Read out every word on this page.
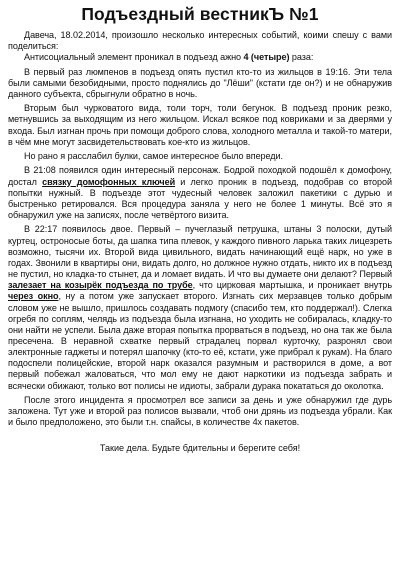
Подъездный вестникЪ №1

Давеча, 18.02.2014, произошло несколько интересных событий, коими спешу с вами поделиться:

Антисоциальный элемент проникал в подъезд ажно 4 (четыре) раза:

В первый раз люмпенов в подъезд опять пустил кто-то из жильцов в 19:16. Эти тела были самыми безобидными, просто поднялись до "Лёши" (кстати где он?) и не обнаружив данного субъекта, сбрыгнули обратно в ночь.

Вторым был чурковатого вида, толи торч, толи бегунок. В подъезд проник резко, метнувшись за выходящим из него жильцом. Искал всякое под ковриками и за дверями у входа. Был изгнан прочь при помощи доброго слова, холодного металла и такой-то матери, в чём мне могут засвидетельствовать кое-кто из жильцов.

Но рано я расслабил булки, самое интересное было впереди.

В 21:08 появился один интересный персонаж. Бодрой походкой подошёл к домофону, достал связку домофонных ключей и легко проник в подъезд, подобрав со второй попытки нужный. В подъезде этот чудесный человек заложил пакетики с дурью и быстренько ретировался. Вся процедура заняла у него не более 1 минуты. Всё это я обнаружил уже на записях, после четвёртого визита.

В 22:17 появилось двое. Первый – пучеглазый петрушка, штаны 3 полоски, дутый куртец, остроносые боты, да шапка типа плевок, у каждого пивного ларька таких лицезреть возможно, тысячи их. Второй вида цивильного, видать начинающий ещё нарк, но уже в годах. Звонили в квартиры они, видать долго, но должное нужно отдать, никто их в подъезд не пустил, но кладка-то стынет, да и ломает видать. И что вы думаете они делают? Первый залезает на козырёк подъезда по трубе, что цирковая мартышка, и проникает внутрь через окно, ну а потом уже запускает второго. Изгнать сих мерзавцев только добрым словом уже не вышло, пришлось создавать подмогу (спасибо тем, кто поддержал!). Слегка огребя по соплям, челядь из подъезда была изгнана, но уходить не собиралась, кладку-то они найти не успели. Была даже вторая попытка прорваться в подъезд, но она так же была пресечена. В неравной схватке первый страдалец порвал курточку, разронял свои электронные гаджеты и потерял шапочку (кто-то её, кстати, уже прибрал к рукам). На благо подоспели полицейские, второй нарк оказался разумным и растворился в доме, а вот первый побежал жаловаться, что мол ему не дают наркотики из подъезда забрать и всячески обижают, только вот полисы не идиоты, забрали дурака покататься до околотка.

После этого инцидента я просмотрел все записи за день и уже обнаружил где дурь заложена. Тут уже и второй раз полисов вызвали, чтоб они дрянь из подъезда убрали. Как и было предположено, это были т.н. спайсы, в количестве 4х пакетов.

Такие дела. Будьте бдительны и берегите себя!
